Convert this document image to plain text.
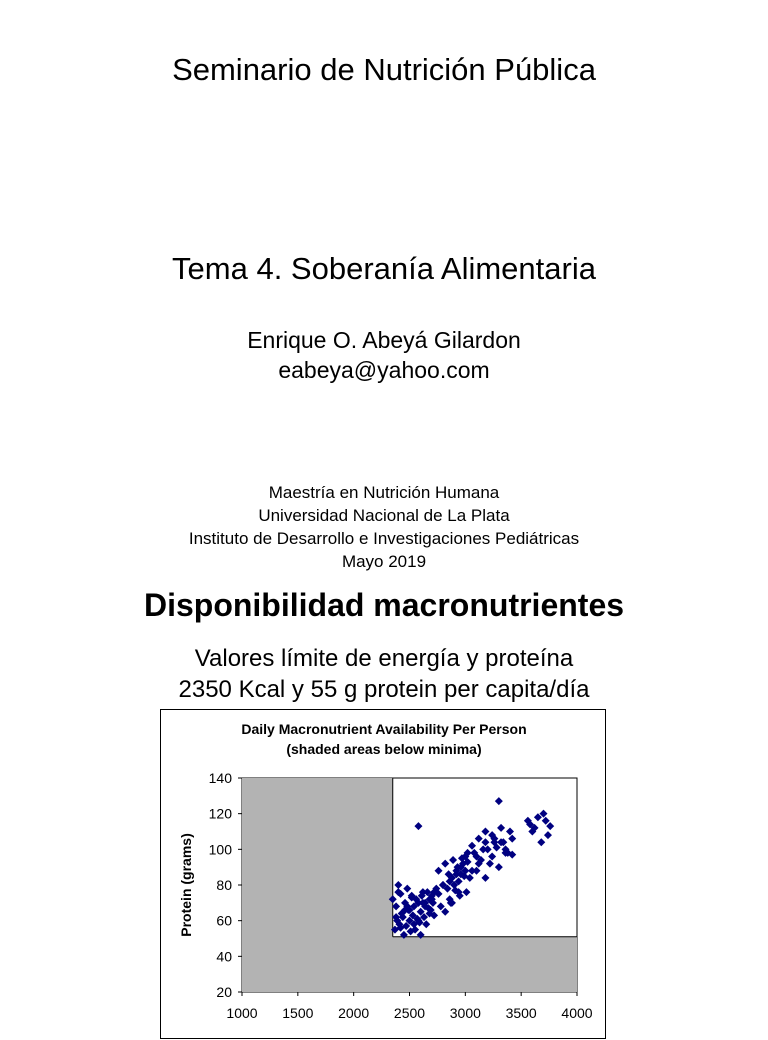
Seminario de Nutrición Pública
Tema 4. Soberanía Alimentaria
Enrique O. Abeyá Gilardon
eabeya@yahoo.com
Maestría en Nutrición Humana
Universidad Nacional de La Plata
Instituto de Desarrollo e Investigaciones Pediátricas
Mayo 2019
Disponibilidad macronutrientes
Valores límite de energía y proteína
2350 Kcal y 55 g protein per capita/día
Daily Macronutrient Availability Per Person
(shaded areas below minima)
20
40
60
80
100
120
140
1000 1500 2000 2500 3000 3500 4000
Protein (grams)
